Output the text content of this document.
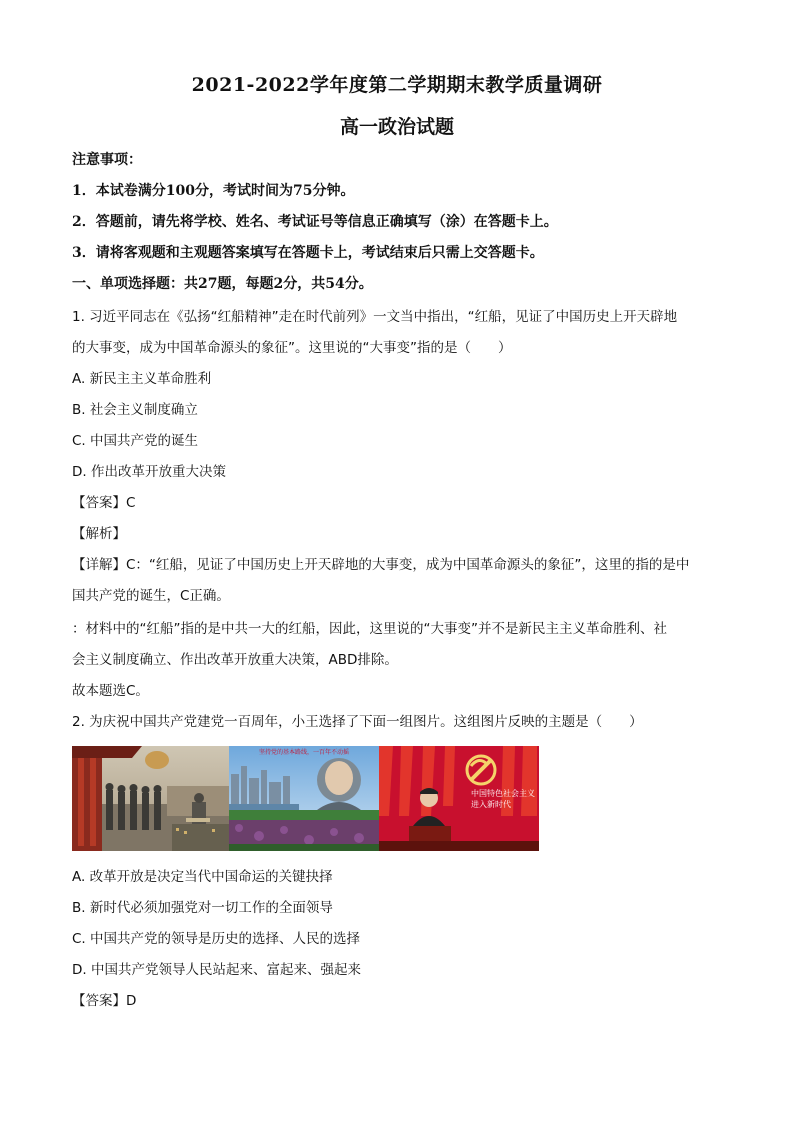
2021-2022学年度第二学期期末教学质量调研
高一政治试题
注意事项：
1．本试卷满分100分，考试时间为75分钟。
2．答题前，请先将学校、姓名、考试证号等信息正确填写（涂）在答题卡上。
3．请将客观题和主观题答案填写在答题卡上，考试结束后只需上交答题卡。
一、单项选择题：共27题，每题2分，共54分。
1. 习近平同志在《弘扬“红船精神”走在时代前列》一文当中指出，“红船，见证了中国历史上开天辟地
的大事变，成为中国革命源头的象征”。这里说的“大事变”指的是（　　）
A. 新民主主义革命胜利
B. 社会主义制度确立
C. 中国共产党的诞生
D. 作出改革开放重大决策
【答案】C
【解析】
【详解】C：“红船，见证了中国历史上开天辟地的大事变，成为中国革命源头的象征”，这里的指的是中
国共产党的诞生，C正确。
：材料中的“红船”指的是中共一大的红船，因此，这里说的“大事变”并不是新民主主义革命胜利、社
会主义制度确立、作出改革开放重大决策，ABD排除。
故本题选C。
2. 为庆祝中国共产党建党一百周年，小王选择了下面一组图片。这组图片反映的主题是（　　）
坚持党的基本路线，一百年不动摇
中国特色社会主义进入新时代
A. 改革开放是决定当代中国命运的关键抉择
B. 新时代必须加强党对一切工作的全面领导
C. 中国共产党的领导是历史的选择、人民的选择
D. 中国共产党领导人民站起来、富起来、强起来
【答案】D
